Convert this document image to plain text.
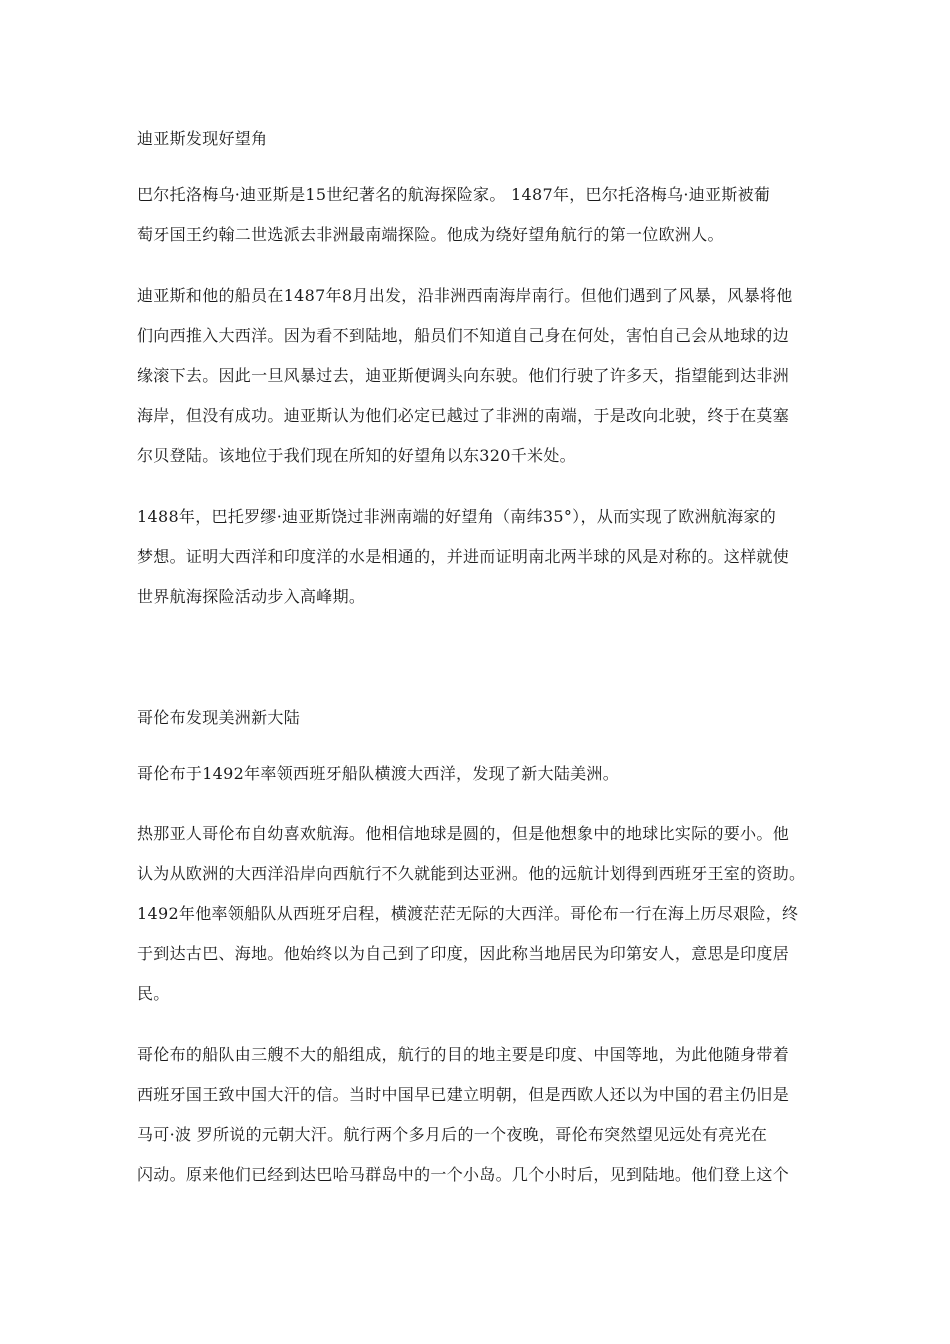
迪亚斯发现好望角
巴尔托洛梅乌·迪亚斯是15世纪著名的航海探险家。 1487年，巴尔托洛梅乌·迪亚斯被葡
萄牙国王约翰二世选派去非洲最南端探险。他成为绕好望角航行的第一位欧洲人。
迪亚斯和他的船员在1487年8月出发，沿非洲西南海岸南行。但他们遇到了风暴，风暴将他
们向西推入大西洋。因为看不到陆地，船员们不知道自己身在何处，害怕自己会从地球的边
缘滚下去。因此一旦风暴过去，迪亚斯便调头向东驶。他们行驶了许多天，指望能到达非洲
海岸，但没有成功。迪亚斯认为他们必定已越过了非洲的南端，于是改向北驶，终于在莫塞
尔贝登陆。该地位于我们现在所知的好望角以东320千米处。
1488年，巴托罗缪·迪亚斯饶过非洲南端的好望角（南纬35°），从而实现了欧洲航海家的
梦想。证明大西洋和印度洋的水是相通的，并进而证明南北两半球的风是对称的。这样就使
世界航海探险活动步入高峰期。
哥伦布发现美洲新大陆
哥伦布于1492年率领西班牙船队横渡大西洋，发现了新大陆美洲。
热那亚人哥伦布自幼喜欢航海。他相信地球是圆的，但是他想象中的地球比实际的要小。他
认为从欧洲的大西洋沿岸向西航行不久就能到达亚洲。他的远航计划得到西班牙王室的资助。
1492年他率领船队从西班牙启程，横渡茫茫无际的大西洋。哥伦布一行在海上历尽艰险，终
于到达古巴、海地。他始终以为自己到了印度，因此称当地居民为印第安人，意思是印度居
民。
哥伦布的船队由三艘不大的船组成，航行的目的地主要是印度、中国等地，为此他随身带着
西班牙国王致中国大汗的信。当时中国早已建立明朝，但是西欧人还以为中国的君主仍旧是
马可·波 罗所说的元朝大汗。航行两个多月后的一个夜晚，哥伦布突然望见远处有亮光在
闪动。原来他们已经到达巴哈马群岛中的一个小岛。几个小时后，见到陆地。他们登上这个
